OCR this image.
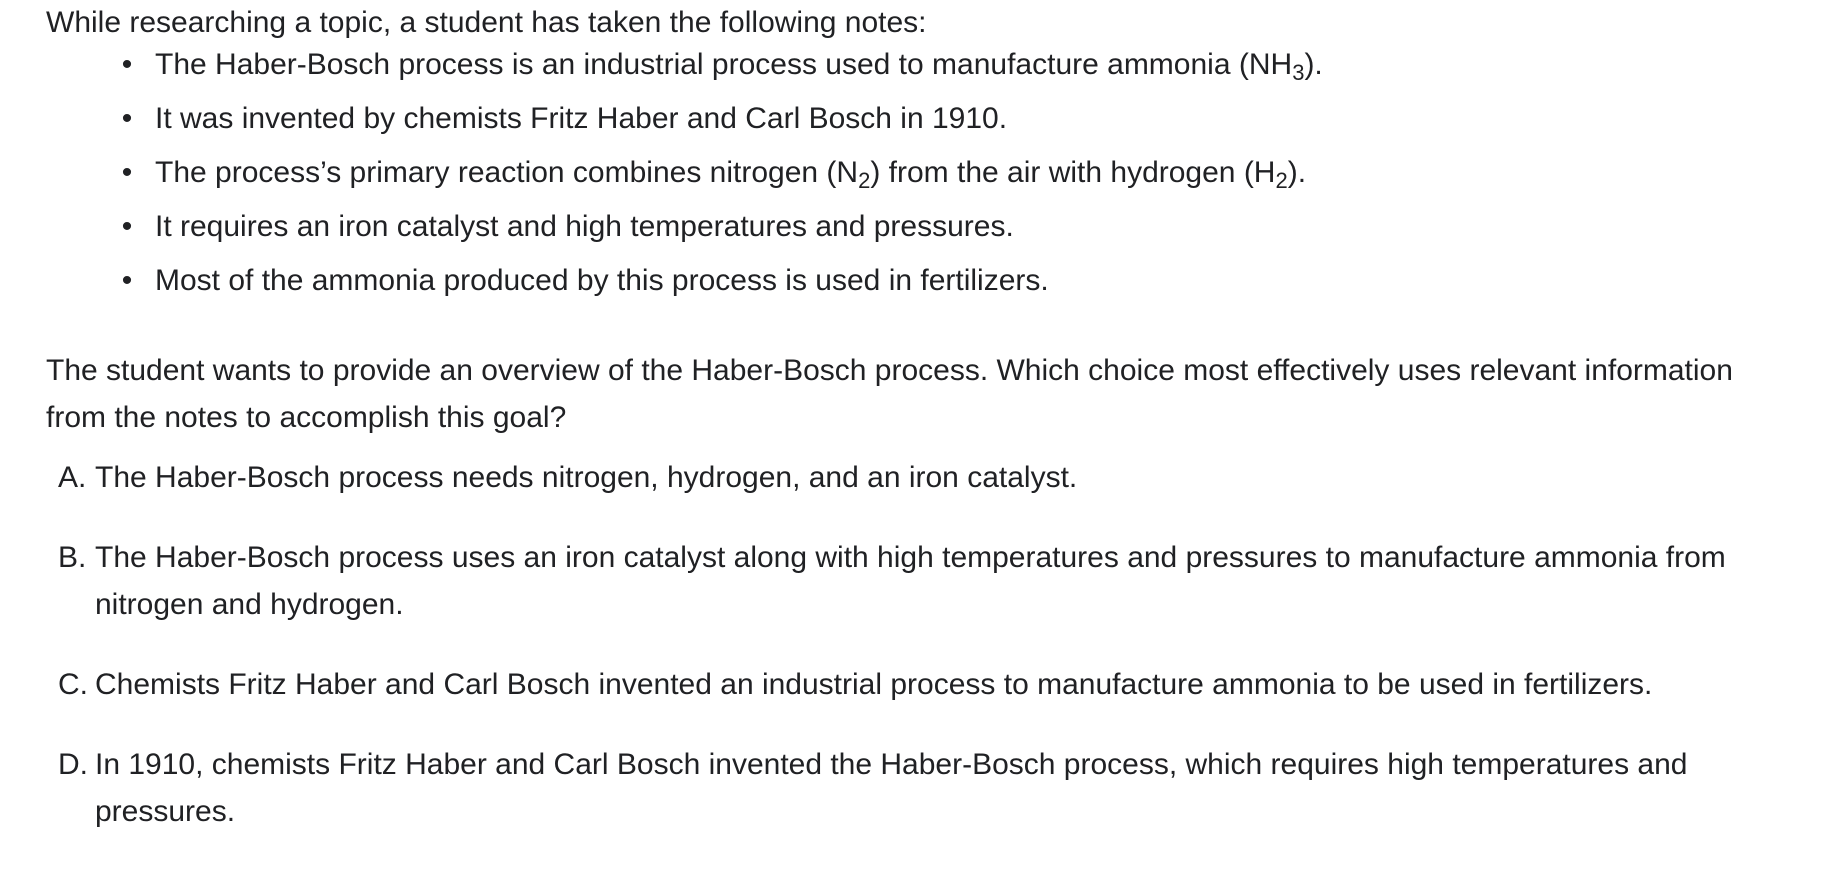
While researching a topic, a student has taken the following notes:

• The Haber-Bosch process is an industrial process used to manufacture ammonia $(NH_3)$.
• It was invented by chemists Fritz Haber and Carl Bosch in 1910.
• The process’s primary reaction combines nitrogen $(N_2)$ from the air with hydrogen $(H_2)$.
• It requires an iron catalyst and high temperatures and pressures.
• Most of the ammonia produced by this process is used in fertilizers.

The student wants to provide an overview of the Haber-Bosch process. Which choice most effectively uses relevant information from the notes to accomplish this goal?

A. The Haber-Bosch process needs nitrogen, hydrogen, and an iron catalyst.
B. The Haber-Bosch process uses an iron catalyst along with high temperatures and pressures to manufacture ammonia from nitrogen and hydrogen.
C. Chemists Fritz Haber and Carl Bosch invented an industrial process to manufacture ammonia to be used in fertilizers.
D. In 1910, chemists Fritz Haber and Carl Bosch invented the Haber-Bosch process, which requires high temperatures and pressures.
